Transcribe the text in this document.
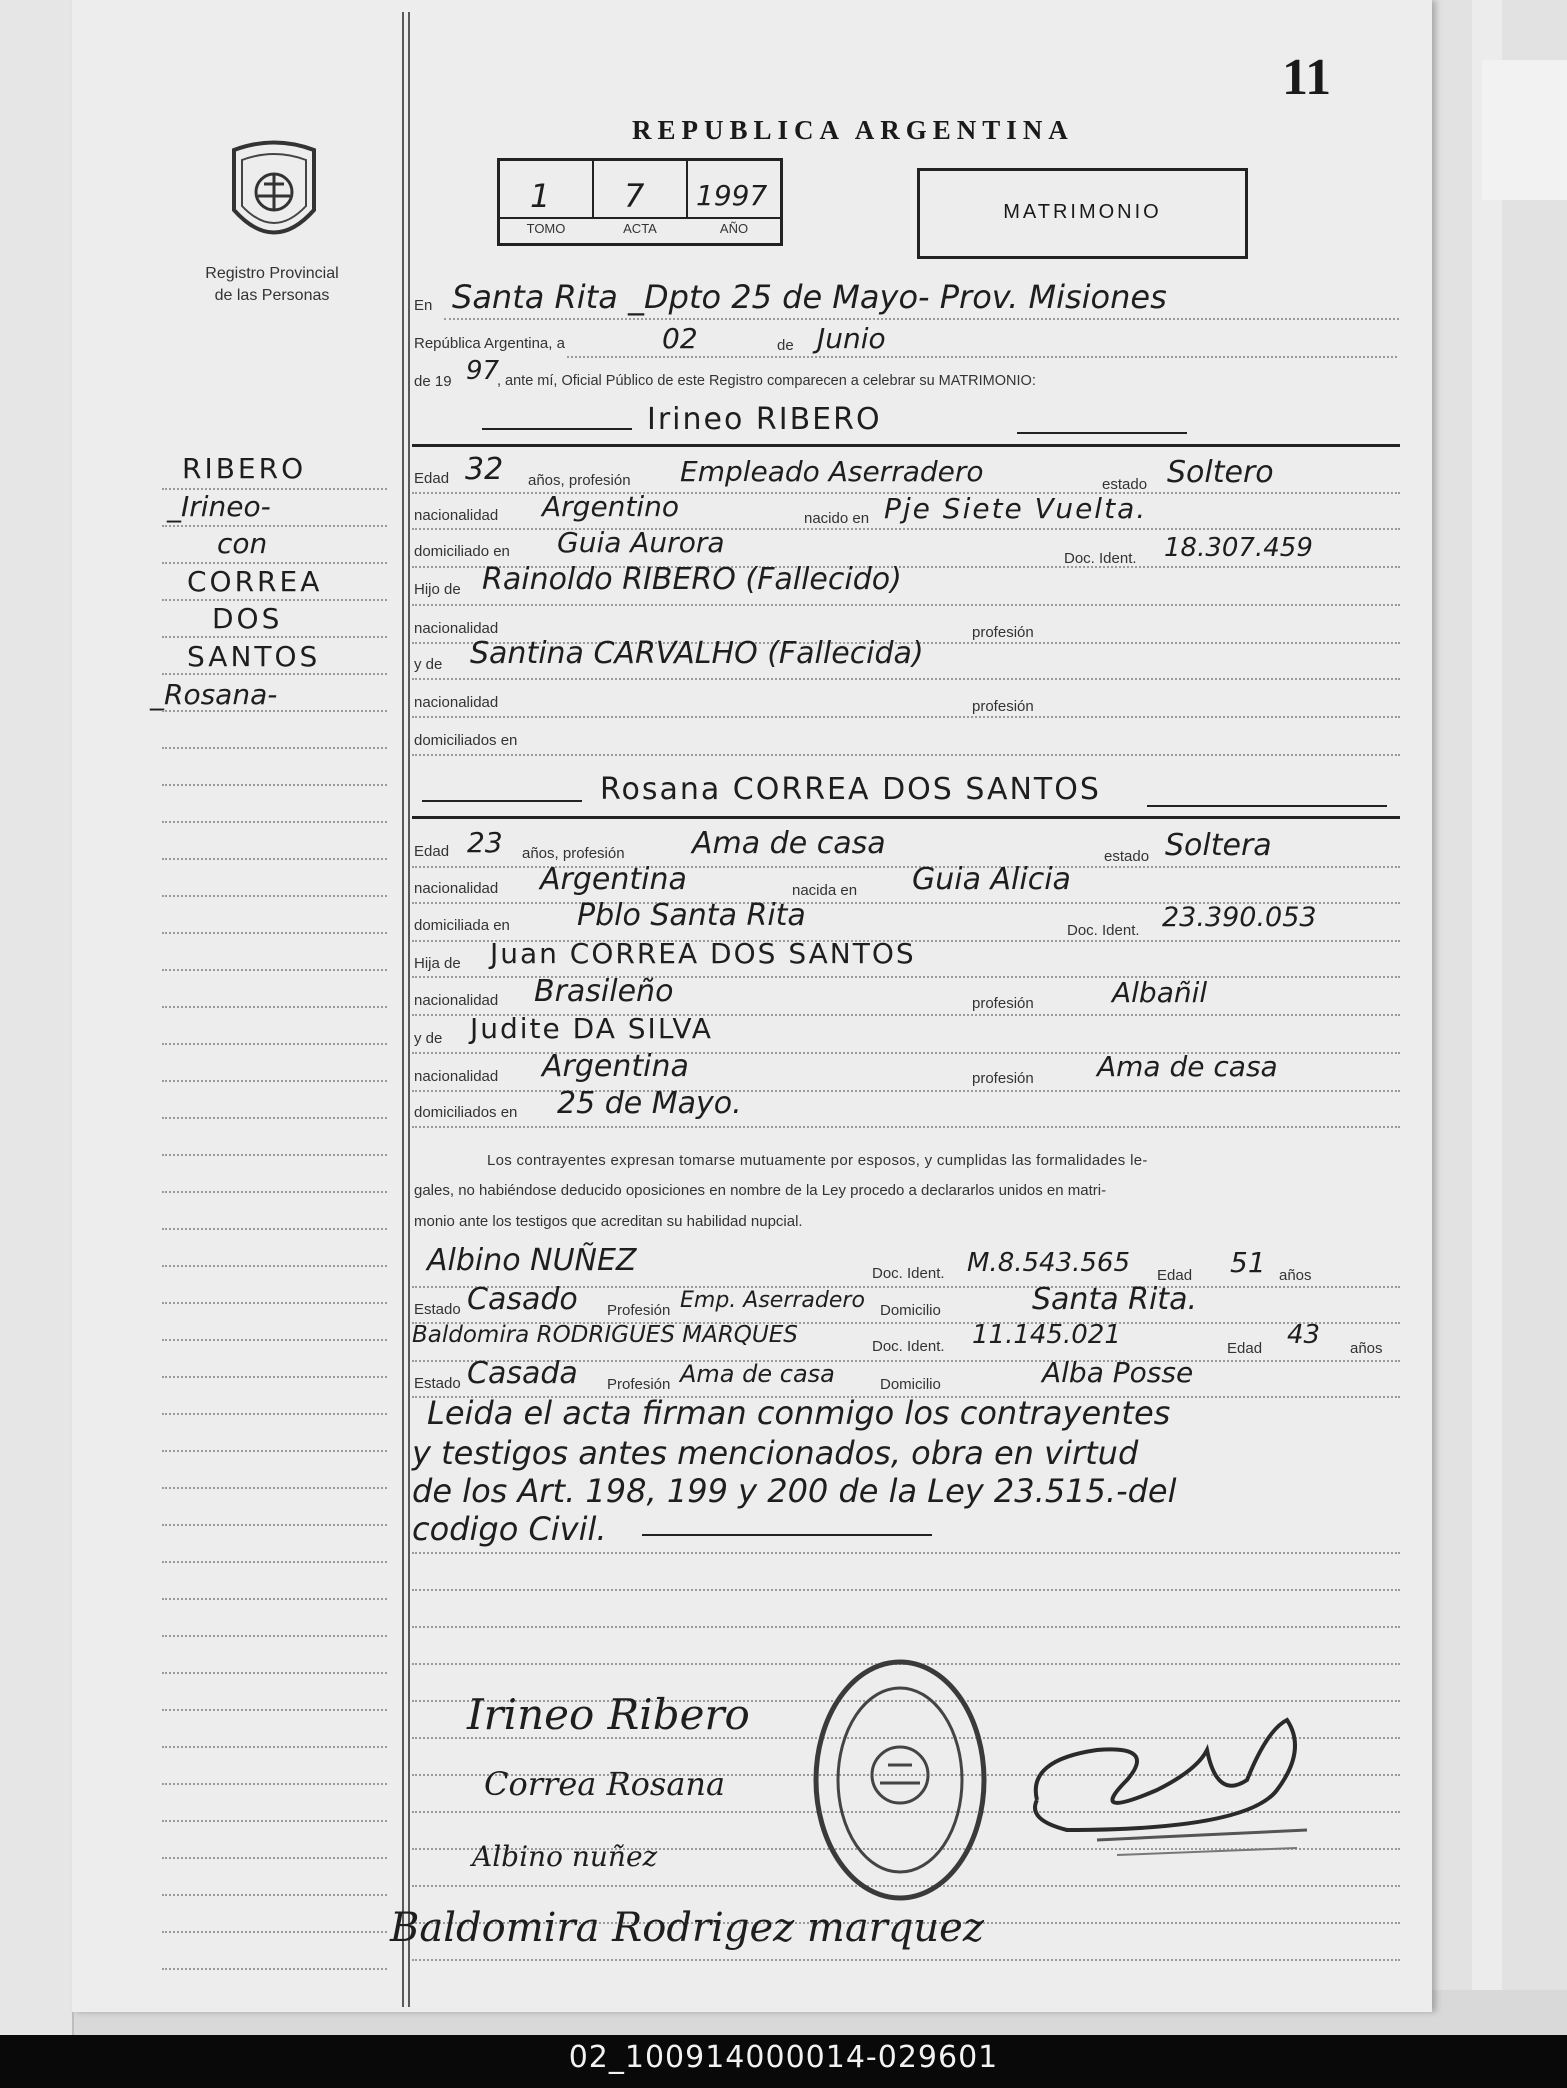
11
REPUBLICA ARGENTINA
Registro Provincial
de las Personas
1 7 1997
TOMO	ACTA	AÑO
MATRIMONIO
RIBERO
_Irineo-
con
CORREA
DOS
SANTOS
_Rosana-
En Santa Rita _Dpto 25 de Mayo- Prov. Misiones
República Argentina, a	02	de Junio
de 19 97
, ante mí, Oficial Público de este Registro comparecen a celebrar su MATRIMONIO:
Irineo RIBERO
Edad 32 años, profesión Empleado Aserradero	estado Soltero
nacionalidad Argentino	nacido en Pje Siete Vuelta.
domiciliado en Guia Aurora	Doc. Ident. 18.307.459
Hijo de Rainoldo RIBERO (Fallecido)
nacionalidad	profesión
y de Santina CARVALHO (Fallecida)
nacionalidad	profesión
domiciliados en
Rosana CORREA DOS SANTOS
Edad 23 años, profesión Ama de casa	estado Soltera
nacionalidad Argentina	nacida en Guia Alicia
domiciliada en Pblo Santa Rita	Doc. Ident. 23.390.053
Hija de Juan CORREA DOS SANTOS
nacionalidad Brasileño	profesión	Albañil
y de Judite DA SILVA
nacionalidad Argentina	profesión Ama de casa
domiciliados en 25 de Mayo.
Los contrayentes expresan tomarse mutuamente por esposos, y cumplidas las formalidades le-
gales, no habiéndose deducido oposiciones en nombre de la Ley procedo a declararlos unidos en matri-
monio ante los testigos que acreditan su habilidad nupcial.
Albino NUÑEZ	Doc. Ident. M.8.543.565 Edad 51 años
Estado Casado Profesión Emp. Aserradero Domicilio	Santa Rita.
Baldomira RODRIGUES MARQUES	Doc. Ident. 11.145.021	Edad 43 años
Estado Casada Profesión Ama de casa	Domicilio	Alba Posse
Leida el acta firman conmigo los contrayentes
y testigos antes mencionados, obra en virtud
de los Art. 198, 199 y 200 de la Ley 23.515.-del
codigo Civil.
Irineo Ribero
Correa Rosana
Albino nuñez
Baldomira Rodrigez marquez
02_100914000014-029601
